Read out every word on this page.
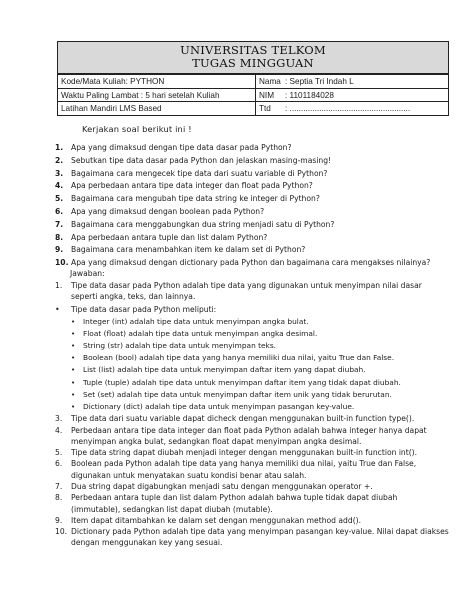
UNIVERSITAS TELKOM
TUGAS MINGGUAN
Kode/Mata Kuliah: PYTHON	Nama : Septia Tri Indah L
Waktu Paling Lambat : 5 hari setelah Kuliah	NIM	: 1101184028
Latihan Mandiri LMS Based	Ttd	: .....................................................
Kerjakan soal berikut ini !
1.	Apa yang dimaksud dengan tipe data dasar pada Python?
2.	Sebutkan tipe data dasar pada Python dan jelaskan masing-masing!
3.	Bagaimana cara mengecek tipe data dari suatu variable di Python?
4.	Apa perbedaan antara tipe data integer dan float pada Python?
5.	Bagaimana cara mengubah tipe data string ke integer di Python?
6.	Apa yang dimaksud dengan boolean pada Python?
7.	Bagaimana cara menggabungkan dua string menjadi satu di Python?
8.	Apa perbedaan antara tuple dan list dalam Python?
9.	Bagaimana cara menambahkan item ke dalam set di Python?
10. Apa yang dimaksud dengan dictionary pada Python dan bagaimana cara mengakses nilainya?
Jawaban:
1.	Tipe data dasar pada Python adalah tipe data yang digunakan untuk menyimpan nilai dasar

seperti angka, teks, dan lainnya.

•	Tipe data dasar pada Python meliputi:
•	Integer (int) adalah tipe data untuk menyimpan angka bulat.
•	Float (float) adalah tipe data untuk menyimpan angka desimal.
•	String (str) adalah tipe data untuk menyimpan teks.
•	Boolean (bool) adalah tipe data yang hanya memiliki dua nilai, yaitu True dan False.
•	List (list) adalah tipe data untuk menyimpan daftar item yang dapat diubah.
•	Tuple (tuple) adalah tipe data untuk menyimpan daftar item yang tidak dapat diubah.
•	Set (set) adalah tipe data untuk menyimpan daftar item unik yang tidak berurutan.
•	Dictionary (dict) adalah tipe data untuk menyimpan pasangan key-value.
3.	Tipe data dari suatu variable dapat dicheck dengan menggunakan built-in function type().

4.	Perbedaan antara tipe data integer dan float pada Python adalah bahwa integer hanya dapat

menyimpan angka bulat, sedangkan float dapat menyimpan angka desimal.

5.	Tipe data string dapat diubah menjadi integer dengan menggunakan built-in function int().

6.	Boolean pada Python adalah tipe data yang hanya memiliki dua nilai, yaitu True dan False,

digunakan untuk menyatakan suatu kondisi benar atau salah.

7.	Dua string dapat digabungkan menjadi satu dengan menggunakan operator +.

8.	Perbedaan antara tuple dan list dalam Python adalah bahwa tuple tidak dapat diubah

(immutable), sedangkan list dapat diubah (mutable).

9.	Item dapat ditambahkan ke dalam set dengan menggunakan method add().

10. Dictionary pada Python adalah tipe data yang menyimpan pasangan key-value. Nilai dapat diakses

dengan menggunakan key yang sesuai.
